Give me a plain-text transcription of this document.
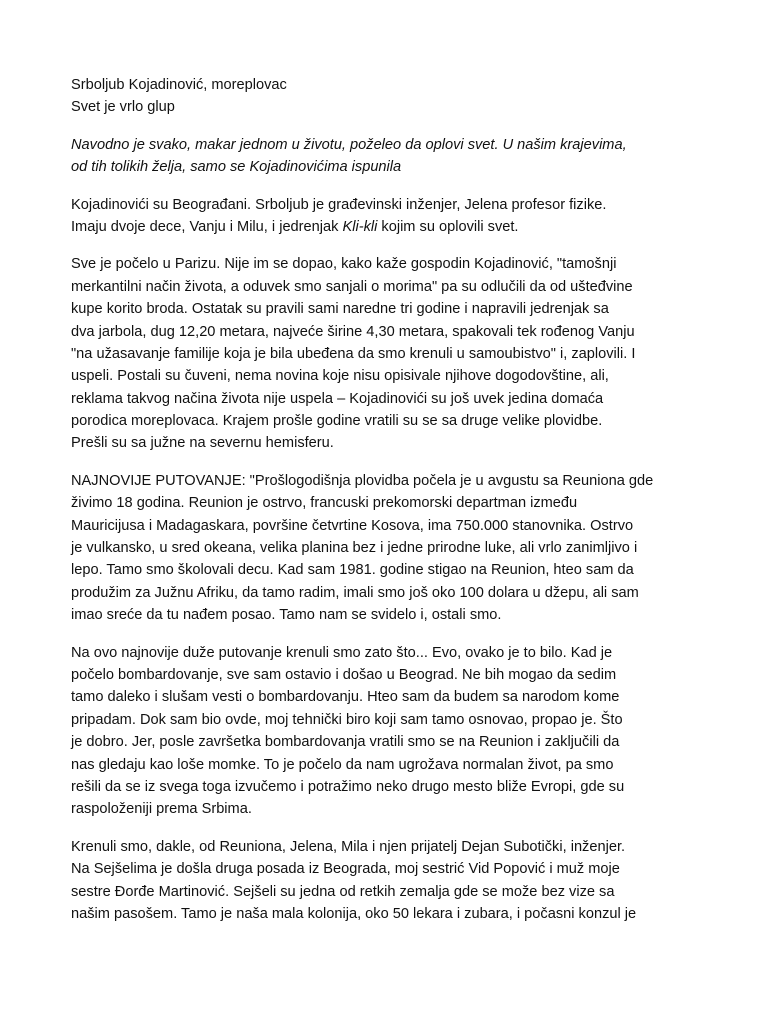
Srboljub Kojadinović, moreplovac
Svet je vrlo glup
Navodno je svako, makar jednom u životu, poželeo da oplovi svet. U našim krajevima,
od tih tolikih želja, samo se Kojadinovićima ispunila
Kojadinovići su Beograđani. Srboljub je građevinski inženjer, Jelena profesor fizike.
Imaju dvoje dece, Vanju i Milu, i jedrenjak Kli-kli kojim su oplovili svet.
Sve je počelo u Parizu. Nije im se dopao, kako kaže gospodin Kojadinović, "tamošnji
merkantilni način života, a oduvek smo sanjali o morima" pa su odlučili da od ušteđvine
kupe korito broda. Ostatak su pravili sami naredne tri godine i napravili jedrenjak sa
dva jarbola, dug 12,20 metara, najveće širine 4,30 metara, spakovali tek rođenog Vanju
"na užasavanje familije koja je bila ubeđena da smo krenuli u samoubistvo" i, zaplovili. I
uspeli. Postali su čuveni, nema novina koje nisu opisivale njihove dogodovštine, ali,
reklama takvog načina života nije uspela – Kojadinovići su još uvek jedina domaća
porodica moreplovaca. Krajem prošle godine vratili su se sa druge velike plovidbe.
Prešli su sa južne na severnu hemisferu.
NAJNOVIJE PUTOVANJE: "Prošlogodišnja plovidba počela je u avgustu sa Reuniona gde
živimo 18 godina. Reunion je ostrvo, francuski prekomorski departman između
Mauricijusa i Madagaskara, površine četvrtine Kosova, ima 750.000 stanovnika. Ostrvo
je vulkansko, u sred okeana, velika planina bez i jedne prirodne luke, ali vrlo zanimljivo i
lepo. Tamo smo školovali decu. Kad sam 1981. godine stigao na Reunion, hteo sam da
produžim za Južnu Afriku, da tamo radim, imali smo još oko 100 dolara u džepu, ali sam
imao sreće da tu nađem posao. Tamo nam se svidelo i, ostali smo.
Na ovo najnovije duže putovanje krenuli smo zato što... Evo, ovako je to bilo. Kad je
počelo bombardovanje, sve sam ostavio i došao u Beograd. Ne bih mogao da sedim
tamo daleko i slušam vesti o bombardovanju. Hteo sam da budem sa narodom kome
pripadam. Dok sam bio ovde, moj tehnički biro koji sam tamo osnovao, propao je. Što
je dobro. Jer, posle završetka bombardovanja vratili smo se na Reunion i zaključili da
nas gledaju kao loše momke. To je počelo da nam ugrožava normalan život, pa smo
rešili da se iz svega toga izvučemo i potražimo neko drugo mesto bliže Evropi, gde su
raspoloženiji prema Srbima.
Krenuli smo, dakle, od Reuniona, Jelena, Mila i njen prijatelj Dejan Subotički, inženjer.
Na Sejšelima je došla druga posada iz Beograda, moj sestrić Vid Popović i muž moje
sestre Đorđe Martinović. Sejšeli su jedna od retkih zemalja gde se može bez vize sa
našim pasošem. Tamo je naša mala kolonija, oko 50 lekara i zubara, i počasni konzul je
